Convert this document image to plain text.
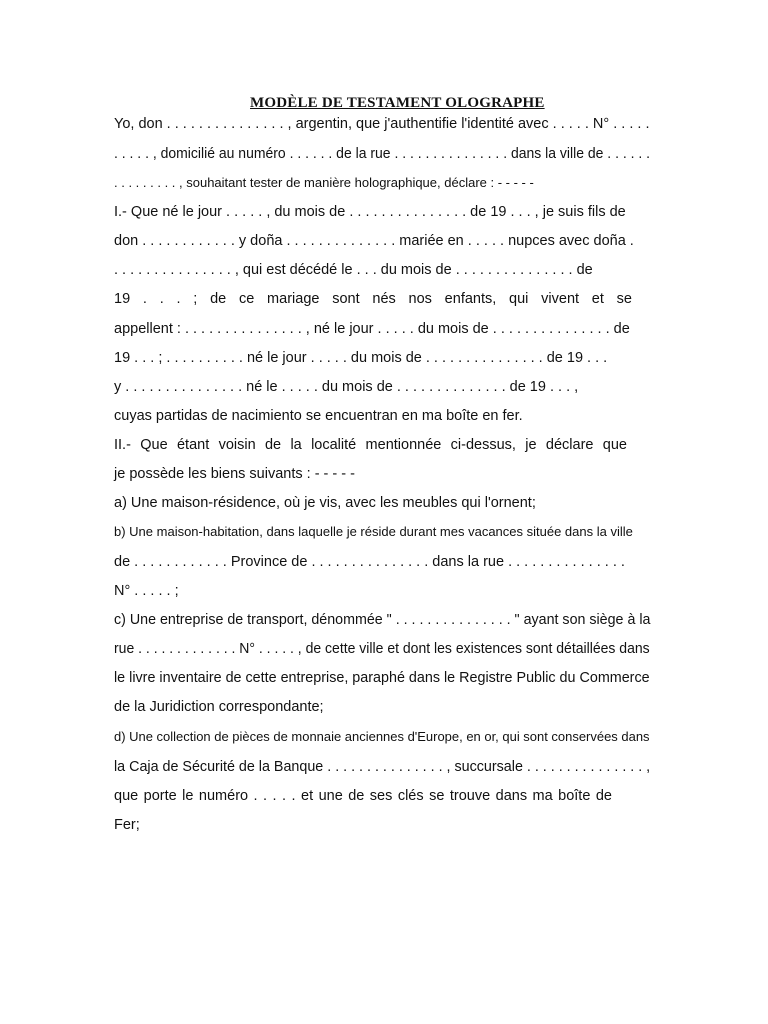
MODÈLE DE TESTAMENT OLOGRAPHE
Yo, don . . . . . . . . . . . . . . . , argentin, que j'authentifie l'identité avec . . . . . N° . . . . .
. . . . . , domicilié au numéro . . . . . . de la rue . . . . . . . . . . . . . . . dans la ville de . . . . . .
. . . . . . . . . , souhaitant tester de manière holographique, déclare : - - - - -
I.- Que né le jour . . . . . , du mois de . . . . . . . . . . . . . . . de 19 . . . , je suis fils de
don . . . . . . . . . . . . y doña . . . . . . . . . . . . . . mariée en . . . . . nupces avec doña .
. . . . . . . . . . . . . . . , qui est décédé le . . . du mois de . . . . . . . . . . . . . . . de
19 . . . ; de ce mariage sont nés nos enfants, qui vivent et se
appellent : . . . . . . . . . . . . . . . , né le jour . . . . . du mois de . . . . . . . . . . . . . . . de
19 . . . ; . . . . . . . . . . né le jour . . . . . du mois de . . . . . . . . . . . . . . . de 19 . . .
y . . . . . . . . . . . . . . . né le . . . . . du mois de . . . . . . . . . . . . . . de 19 . . . ,
cuyas partidas de nacimiento se encuentran en ma boîte en fer.
II.- Que étant voisin de la localité mentionnée ci-dessus, je déclare que
je possède les biens suivants : - - - - -
a) Une maison-résidence, où je vis, avec les meubles qui l'ornent;
b) Une maison-habitation, dans laquelle je réside durant mes vacances située dans la ville
de . . . . . . . . . . . . Province de . . . . . . . . . . . . . . . dans la rue . . . . . . . . . . . . . . .
N° . . . . . ;
c) Une entreprise de transport, dénommée " . . . . . . . . . . . . . . . " ayant son siège à la
rue . . . . . . . . . . . . . N° . . . . . , de cette ville et dont les existences sont détaillées dans
le livre inventaire de cette entreprise, paraphé dans le Registre Public du Commerce
de la Juridiction correspondante;
d) Une collection de pièces de monnaie anciennes d'Europe, en or, qui sont conservées dans
la Caja de Sécurité de la Banque . . . . . . . . . . . . . . . , succursale . . . . . . . . . . . . . . . ,
que porte le numéro . . . . . et une de ses clés se trouve dans ma boîte de
Fer;
